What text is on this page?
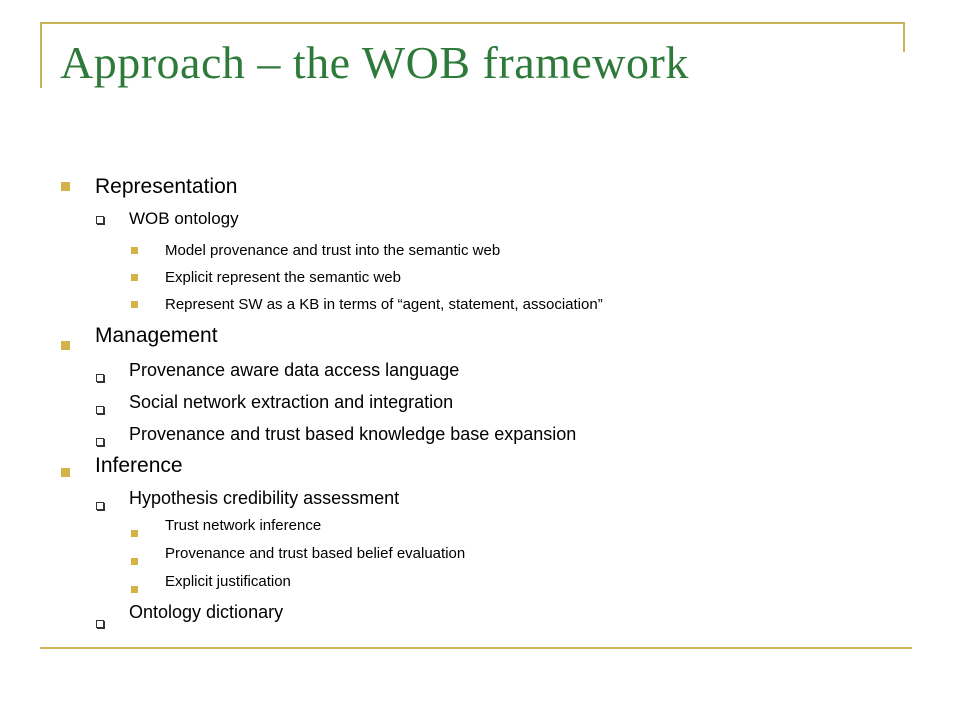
Approach – the WOB framework
Representation
WOB ontology
Model provenance and trust into the semantic web
Explicit represent the semantic web
Represent SW as a KB in terms of “agent, statement, association”
Management
Provenance aware data access language
Social network extraction and integration
Provenance and trust based knowledge base expansion
Inference
Hypothesis credibility assessment
Trust network inference
Provenance and trust based belief evaluation
Explicit justification
Ontology dictionary
